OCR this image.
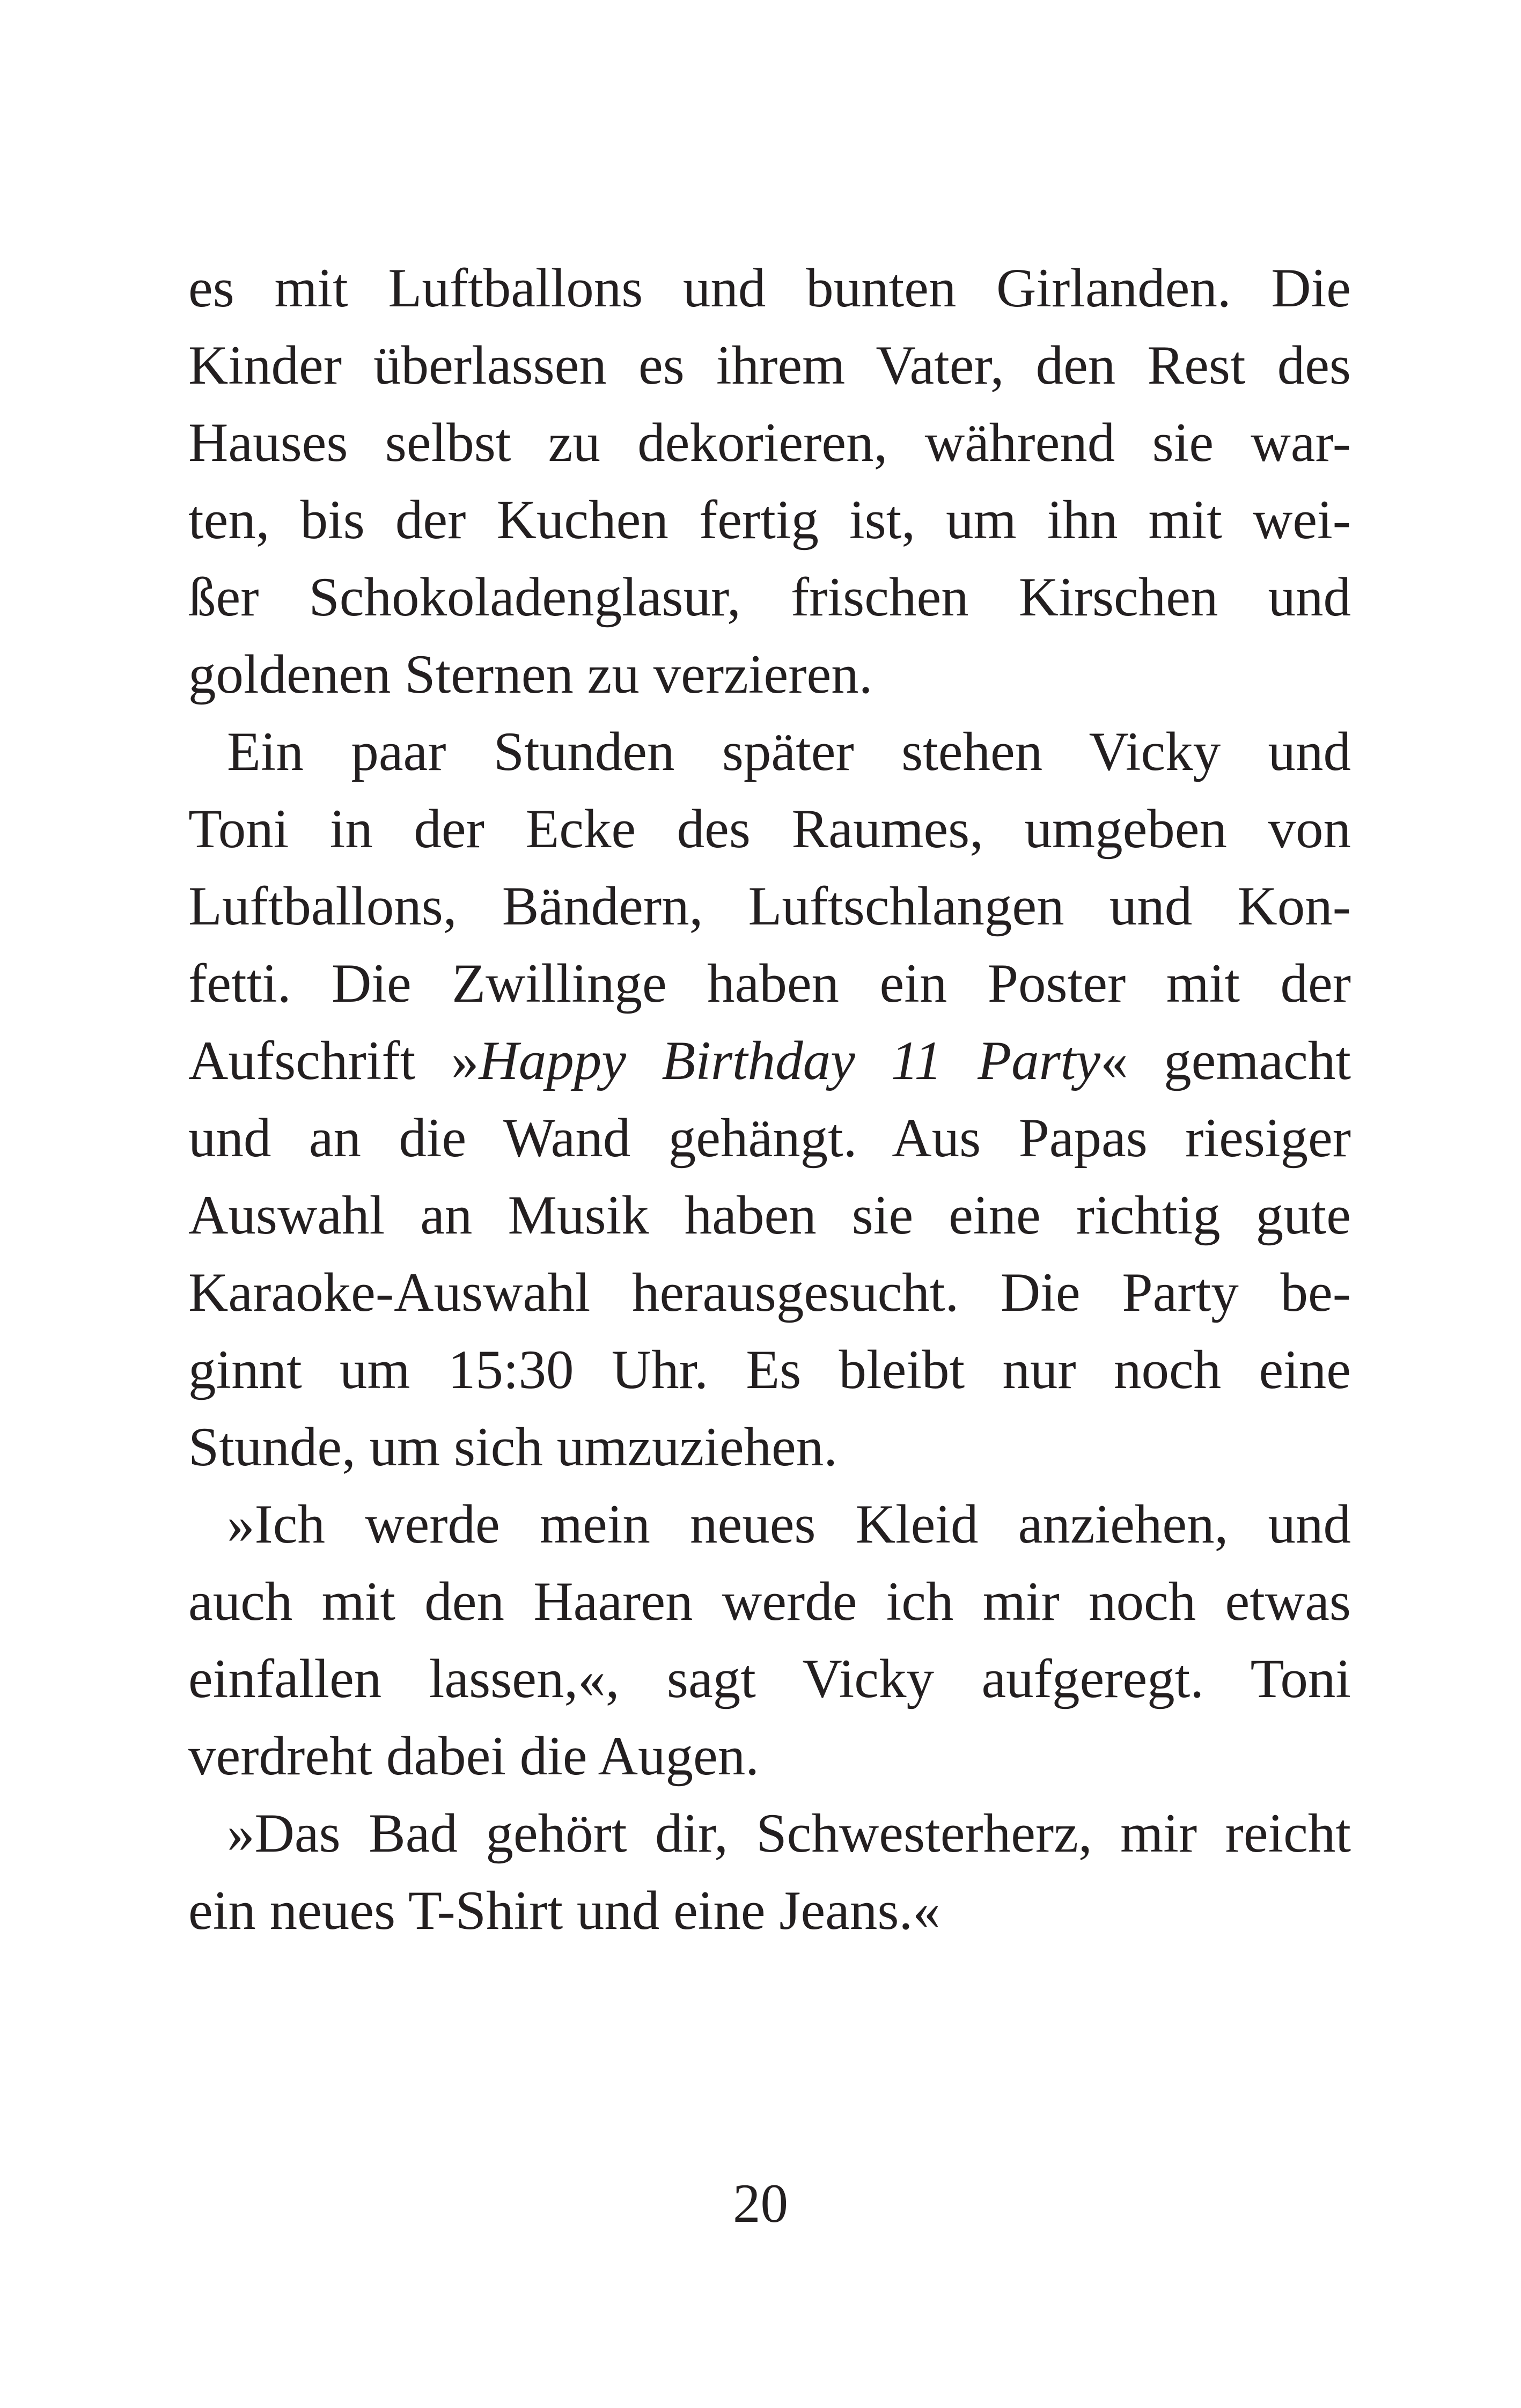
es mit Luftballons und bunten Girlanden. Die
Kinder überlassen es ihrem Vater, den Rest des
Hauses selbst zu dekorieren, während sie war-
ten, bis der Kuchen fertig ist, um ihn mit wei-
ßer Schokoladenglasur, frischen Kirschen und
goldenen Sternen zu verzieren.
Ein paar Stunden später stehen Vicky und
Toni in der Ecke des Raumes, umgeben von
Luftballons, Bändern, Luftschlangen und Kon-
fetti. Die Zwillinge haben ein Poster mit der
Aufschrift »Happy Birthday 11 Party« gemacht
und an die Wand gehängt. Aus Papas riesiger
Auswahl an Musik haben sie eine richtig gute
Karaoke-Auswahl herausgesucht. Die Party be-
ginnt um 15:30 Uhr. Es bleibt nur noch eine
Stunde, um sich umzuziehen.
»Ich werde mein neues Kleid anziehen, und
auch mit den Haaren werde ich mir noch etwas
einfallen lassen,«, sagt Vicky aufgeregt. Toni
verdreht dabei die Augen.
»Das Bad gehört dir, Schwesterherz, mir reicht
ein neues T-Shirt und eine Jeans.«
20
